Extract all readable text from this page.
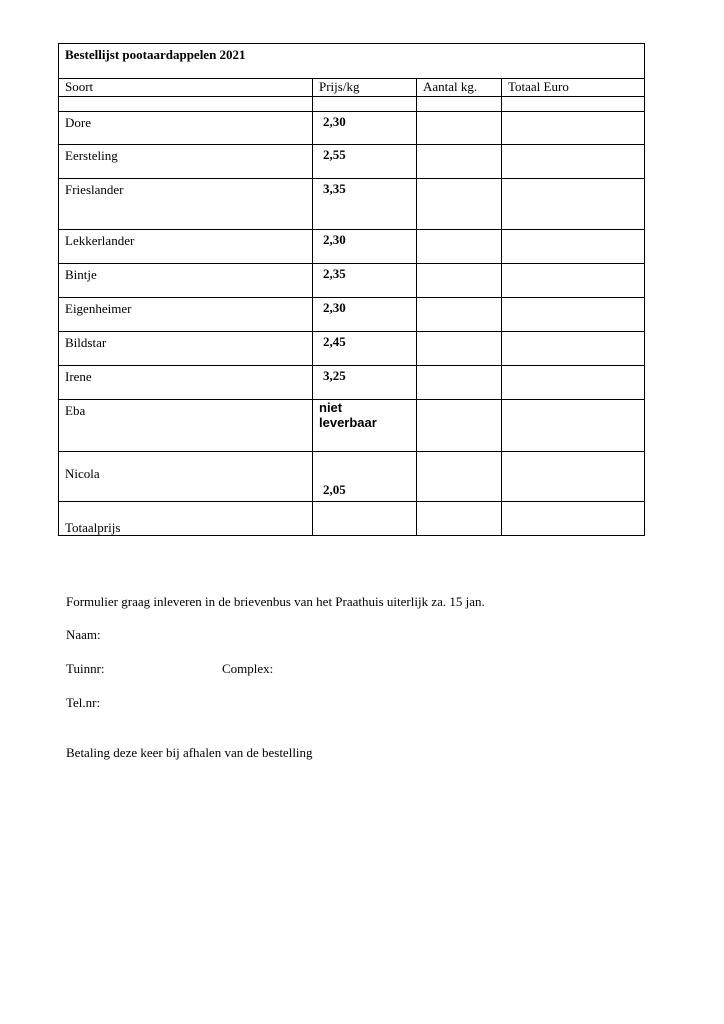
Bestellijst pootaardappelen 2021			
Soort	Prijs/kg	Aantal kg.	Totaal Euro

Dore	2,30		
Eersteling	2,55		
Frieslander	3,35		
Lekkerlander	2,30		
Bintje	2,35		
Eigenheimer	2,30		
Bildstar	2,45		
Irene	3,25		
Eba	niet
leverbaar		

Nicola	2,05		
Totaalprijs			
Formulier graag inleveren in de brievenbus van het Praathuis uiterlijk za. 15 jan.
Naam:
Tuinnr:	Complex:
Tel.nr:
Betaling deze keer bij afhalen van de bestelling
